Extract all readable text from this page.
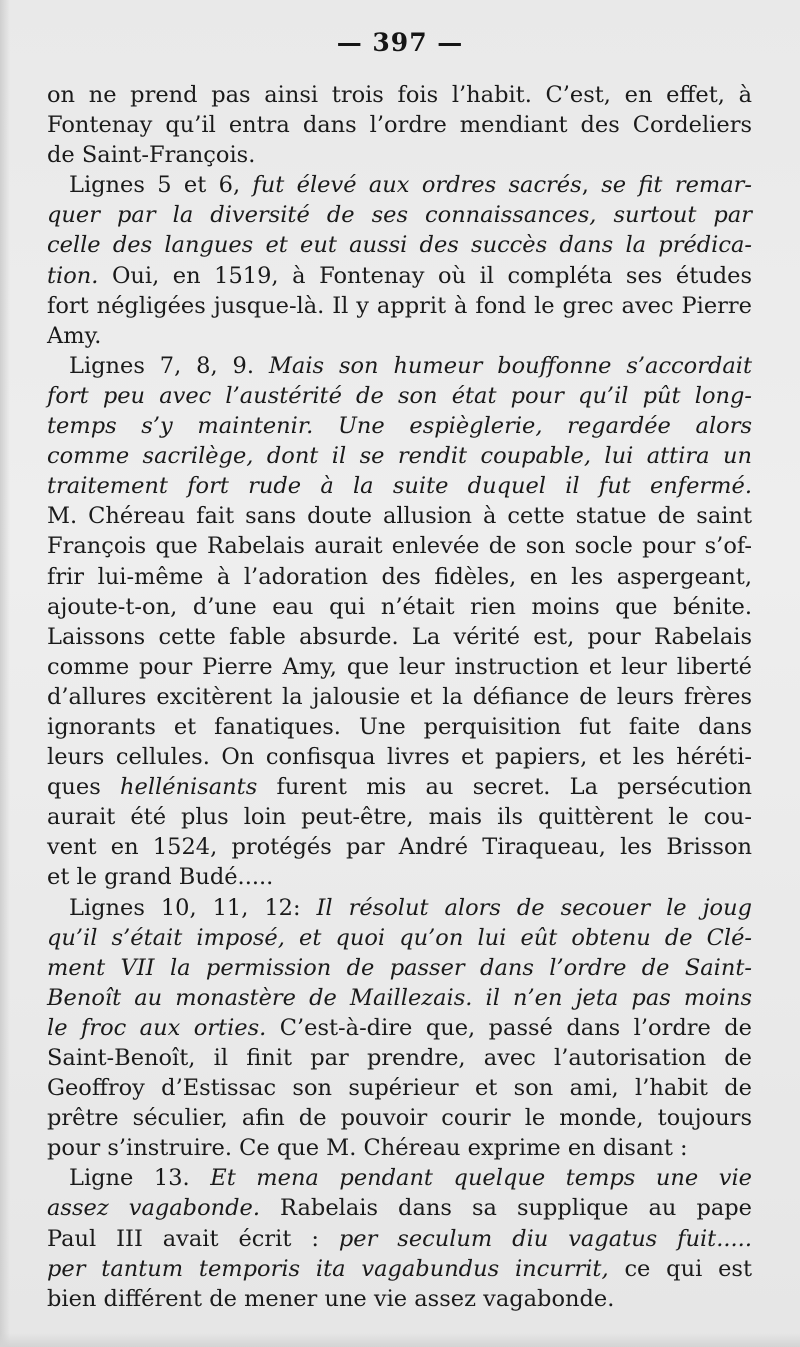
— 397 —
on ne prend pas ainsi trois fois l’habit. C’est, en effet, à
Fontenay qu’il entra dans l’ordre mendiant des Cordeliers
de Saint-François.
Lignes 5 et 6, fut élevé aux ordres sacrés, se fit remar-
quer par la diversité de ses connaissances, surtout par
celle des langues et eut aussi des succès dans la prédica-
tion. Oui, en 1519, à Fontenay où il compléta ses études
fort négligées jusque-là. Il y apprit à fond le grec avec Pierre
Amy.
Lignes 7, 8, 9. Mais son humeur bouffonne s’accordait
fort peu avec l’austérité de son état pour qu’il pût long-
temps s’y maintenir. Une espièglerie, regardée alors
comme sacrilège, dont il se rendit coupable, lui attira un
traitement fort rude à la suite duquel il fut enfermé.
M. Chéreau fait sans doute allusion à cette statue de saint
François que Rabelais aurait enlevée de son socle pour s’of-
frir lui-même à l’adoration des fidèles, en les aspergeant,
ajoute-t-on, d’une eau qui n’était rien moins que bénite.
Laissons cette fable absurde. La vérité est, pour Rabelais
comme pour Pierre Amy, que leur instruction et leur liberté
d’allures excitèrent la jalousie et la défiance de leurs frères
ignorants et fanatiques. Une perquisition fut faite dans
leurs cellules. On confisqua livres et papiers, et les héréti-
ques hellénisants furent mis au secret. La persécution
aurait été plus loin peut-être, mais ils quittèrent le cou-
vent en 1524, protégés par André Tiraqueau, les Brisson
et le grand Budé.....
Lignes 10, 11, 12: Il résolut alors de secouer le joug
qu’il s’était imposé, et quoi qu’on lui eût obtenu de Clé-
ment VII la permission de passer dans l’ordre de Saint-
Benoît au monastère de Maillezais. il n’en jeta pas moins
le froc aux orties. C’est-à-dire que, passé dans l’ordre de
Saint-Benoît, il finit par prendre, avec l’autorisation de
Geoffroy d’Estissac son supérieur et son ami, l’habit de
prêtre séculier, afin de pouvoir courir le monde, toujours
pour s’instruire. Ce que M. Chéreau exprime en disant :
Ligne 13. Et mena pendant quelque temps une vie
assez vagabonde. Rabelais dans sa supplique au pape
Paul III avait écrit : per seculum diu vagatus fuit.....
per tantum temporis ita vagabundus incurrit, ce qui est
bien différent de mener une vie assez vagabonde.
